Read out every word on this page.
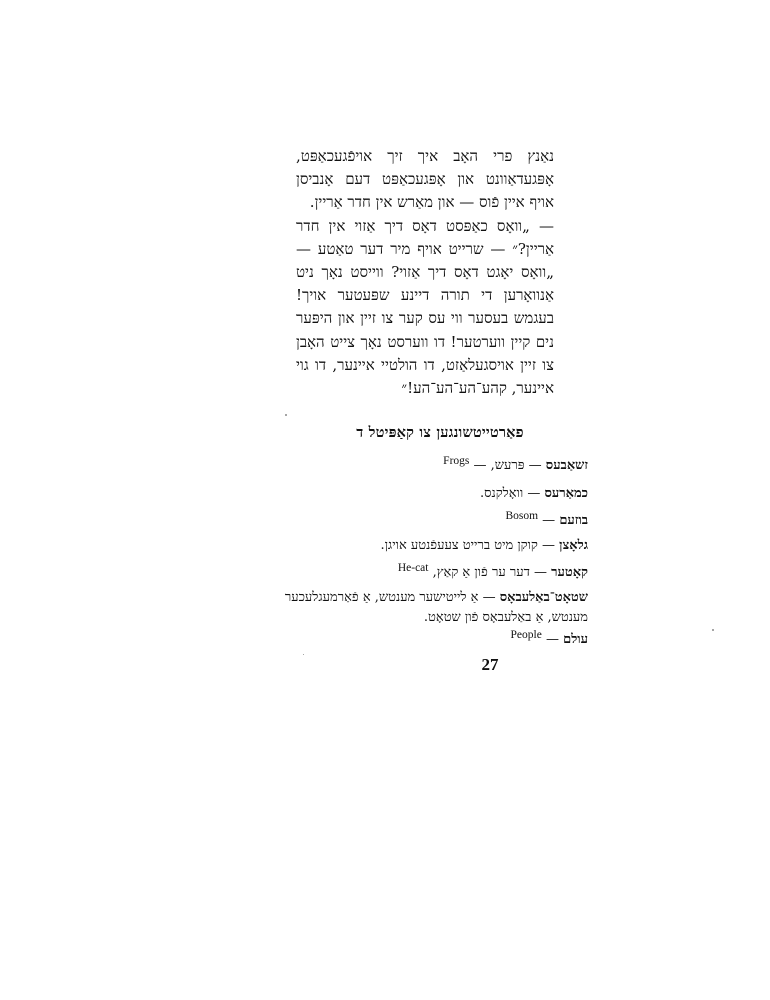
נאַנץ פרי האָב איך זיך אויפֿגעכאַפּט, אָפּגעדאַוונט און אָפּגעכאַפּט דעם אָנביסן אויף איין פֿוס — און מאַרש אין חדר אַריין.

— „וואָס כאַפּסט דאָס דיך אַזוי אין חדר אַריין?״ — שרייט אויף מיר דער טאַטע — „וואָס יאָגט דאָס דיך אַזוי? ווייסט נאָך ניט אַנוואָרען די תורה דיינע שפּעטער אויך! בעגמש בעסער ווי עס קער צו זיין און היפּער נים קיין ווערטער! דו ווערסט נאָך צייט האָבן צו זיין אויסגעלאַזט, דו הולטיי איינער, דו גוי איינער, קהע־הע־הע־הע!״

פאַרטייטשונגען צו קאַפּיטל ד
זשאַבעס — פּרעש, — Frogs
כמאַרעס — וואָלקנס.
בוזעם — Bosom
גלאָצן — קוקן מיט ברייט צעעפֿנטע אויגן.
קאָטער — דער ער פֿון אַ קאַץ, He-cat
שטאָט־באַלעבאָס — אַ לייטישער מענטש, אַ פֿאַרמעגלעכער
מענטש, אַ באַלעבאָס פֿון שטאָט.
עולם — People
27
